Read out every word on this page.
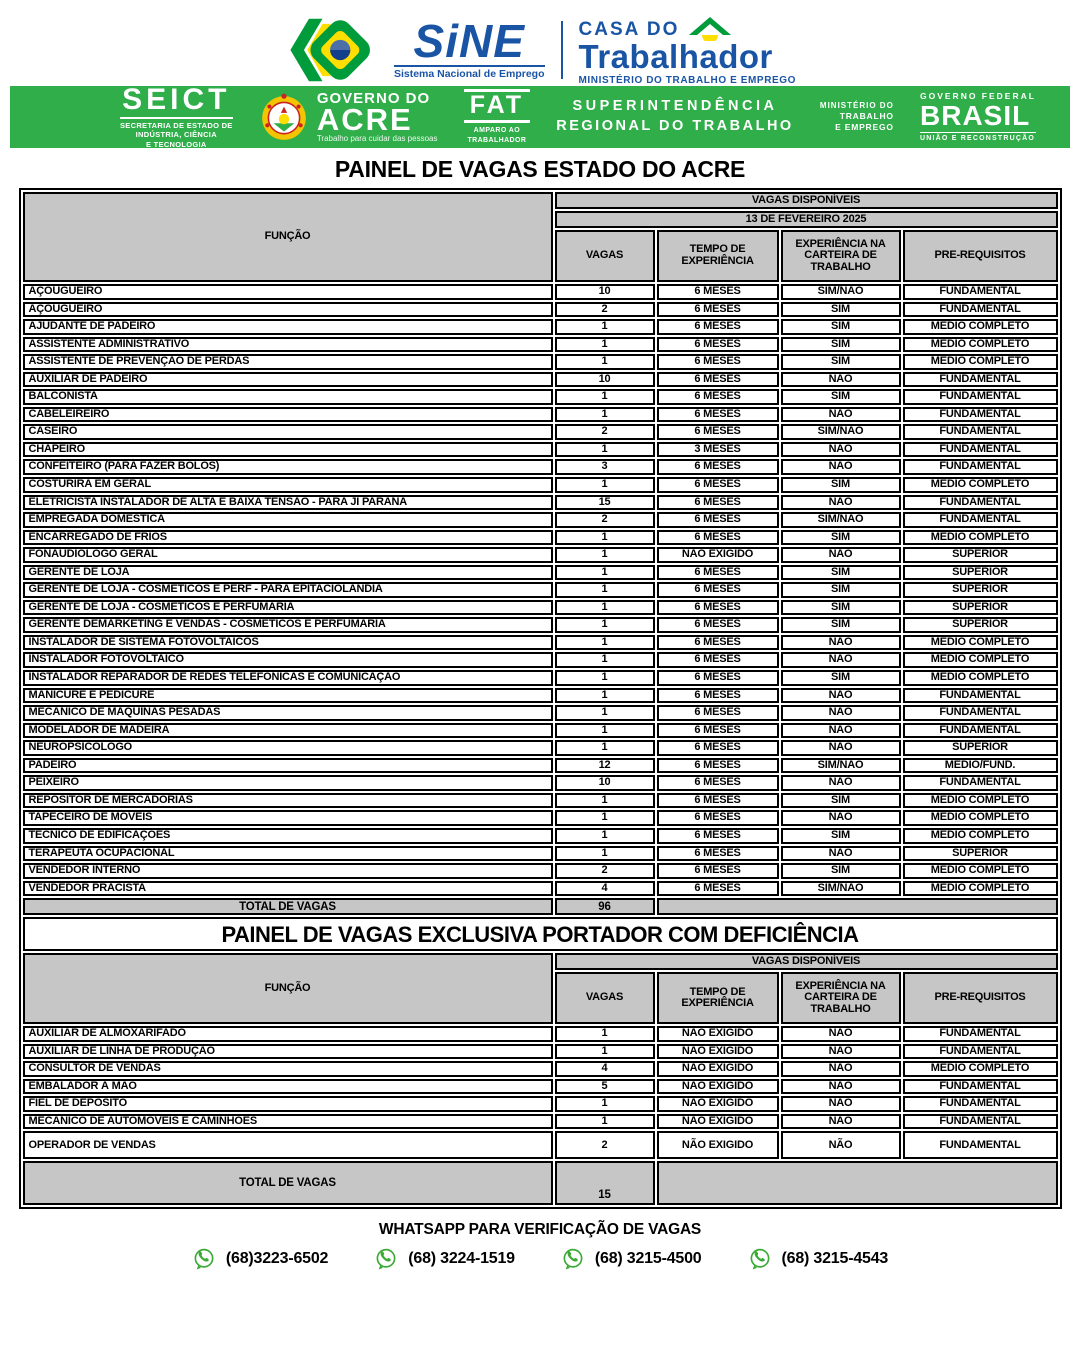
SiNE
Sistema Nacional de Emprego
CASA DO
Trabalhador
MINISTÉRIO DO TRABALHO E EMPREGO
SEICT
SECRETARIA DE ESTADO DE
INDÚSTRIA, CIÊNCIA
E TECNOLOGIA
GOVERNO DO
ACRE
Trabalho para cuidar das pessoas
FAT
AMPARO AO
TRABALHADOR
SUPERINTENDÊNCIA
REGIONAL DO TRABALHO
MINISTÉRIO DO
TRABALHO
E EMPREGO
GOVERNO FEDERAL
BRASIL
UNIÃO E RECONSTRUÇÃO
PAINEL DE VAGAS ESTADO DO ACRE
FUNÇÃO	VAGAS DISPONÍVEIS			
	13 DE FEVEREIRO 2025			
	VAGAS	TEMPO DE EXPERIÊNCIA	EXPERIÊNCIA NA CARTEIRA DE TRABALHO	PRE-REQUISITOS
AÇOUGUEIRO	10	6 MESES	SIM/NÃO	FUNDAMENTAL
AÇOUGUEIRO	2	6 MESES	SIM	FUNDAMENTAL
AJUDANTE DE PADEIRO	1	6 MESES	SIM	MÉDIO COMPLETO
ASSISTENTE ADMINISTRATIVO	1	6 MESES	SIM	MÉDIO COMPLETO
ASSISTENTE DE PREVENÇÃO DE PERDAS	1	6 MESES	SIM	MÉDIO COMPLETO
AUXILIAR DE PADEIRO	10	6 MESES	NÃO	FUNDAMENTAL
BALCONISTA	1	6 MESES	SIM	FUNDAMENTAL
CABELEIREIRO	1	6 MESES	NÃO	FUNDAMENTAL
CASEIRO	2	6 MESES	SIM/NÃO	FUNDAMENTAL
CHAPEIRO	1	3 MESES	NÃO	FUNDAMENTAL
CONFEITEIRO (PARA FAZER BOLOS)	3	6 MESES	NÃO	FUNDAMENTAL
COSTURIRA EM GERAL	1	6 MESES	SIM	MÉDIO COMPLETO
ELETRICISTA INSTALADOR DE ALTA E BAIXA TENSÃO - PARA JI PARANÁ	15	6 MESES	NÃO	FUNDAMENTAL
EMPREGADA DOMÉSTICA	2	6 MESES	SIM/NÃO	FUNDAMENTAL
ENCARREGADO DE FRIOS	1	6 MESES	SIM	MÉDIO COMPLETO
FONAUDIÓLOGO GERAL	1	NÃO EXIGIDO	NÃO	SUPERIOR
GERENTE DE LOJA	1	6 MESES	SIM	SUPERIOR
GERENTE DE LOJA - COSMÉTICOS E PERF - PARA EPITACIOLÂNDIA	1	6 MESES	SIM	SUPERIOR
GERENTE DE LOJA - COSMÉTICOS E PERFUMARIA	1	6 MESES	SIM	SUPERIOR
GERENTE DEMARKETING E VENDAS - COSMÉTICOS E PERFUMARIA	1	6 MESES	SIM	SUPERIOR
INSTALADOR DE SISTEMA FOTOVOLTAICOS	1	6 MESES	NÃO	MÉDIO COMPLETO
INSTALADOR FOTOVOLTAICO	1	6 MESES	NÃO	MÉDIO COMPLETO
INSTALADOR REPARADOR DE REDES TELEFÔNICAS E COMUNICAÇÃO	1	6 MESES	SIM	MÉDIO COMPLETO
MANICURE E PEDICURE	1	6 MESES	NÃO	FUNDAMENTAL
MECÂNICO DE MÁQUINAS PESADAS	1	6 MESES	NÃO	FUNDAMENTAL
MODELADOR DE MADEIRA	1	6 MESES	NÃO	FUNDAMENTAL
NEUROPSICÓLOGO	1	6 MESES	NÃO	SUPERIOR
PADEIRO	12	6 MESES	SIM/NÃO	MÉDIO/FUND.
PEIXEIRO	10	6 MESES	NÃO	FUNDAMENTAL
REPOSITOR DE MERCADORIAS	1	6 MESES	SIM	MÉDIO COMPLETO
TAPECEIRO DE MÓVEIS	1	6 MESES	NÃO	MÉDIO COMPLETO
TÉCNICO DE EDIFICAÇÕES	1	6 MESES	SIM	MÉDIO COMPLETO
TERAPEUTA OCUPACIONAL	1	6 MESES	NÃO	SUPERIOR
VENDEDOR INTERNO	2	6 MESES	SIM	MÉDIO COMPLETO
VENDEDOR PRACISTA	4	6 MESES	SIM/NÃO	MÉDIO COMPLETO
TOTAL DE VAGAS	96			
PAINEL DE VAGAS EXCLUSIVA PORTADOR COM DEFICIÊNCIA				
FUNÇÃO	VAGAS DISPONÍVEIS			
	VAGAS	TEMPO DE EXPERIÊNCIA	EXPERIÊNCIA NA CARTEIRA DE TRABALHO	PRE-REQUISITOS
AUXILIAR DE ALMOXARIFADO	1	NÃO EXIGIDO	NÃO	FUNDAMENTAL
AUXILIAR DE LINHA DE PRODUÇÃO	1	NÃO EXIGIDO	NÃO	FUNDAMENTAL
CONSULTOR DE VENDAS	4	NÃO EXIGIDO	NÃO	MÉDIO COMPLETO
EMBALADOR À MÃO	5	NÃO EXIGIDO	NÃO	FUNDAMENTAL
FIEL DE DEPÓSITO	1	NÃO EXIGIDO	NÃO	FUNDAMENTAL
MECÂNICO DE AUTOMÓVEIS E CAMINHÕES	1	NÃO EXIGIDO	NÃO	FUNDAMENTAL
OPERADOR DE VENDAS	2	NÃO EXIGIDO	NÃO	FUNDAMENTAL
TOTAL DE VAGAS	15			
WHATSAPP PARA VERIFICAÇÃO DE VAGAS
(68)3223-6502	(68) 3224-1519	(68) 3215-4500	(68) 3215-4543
